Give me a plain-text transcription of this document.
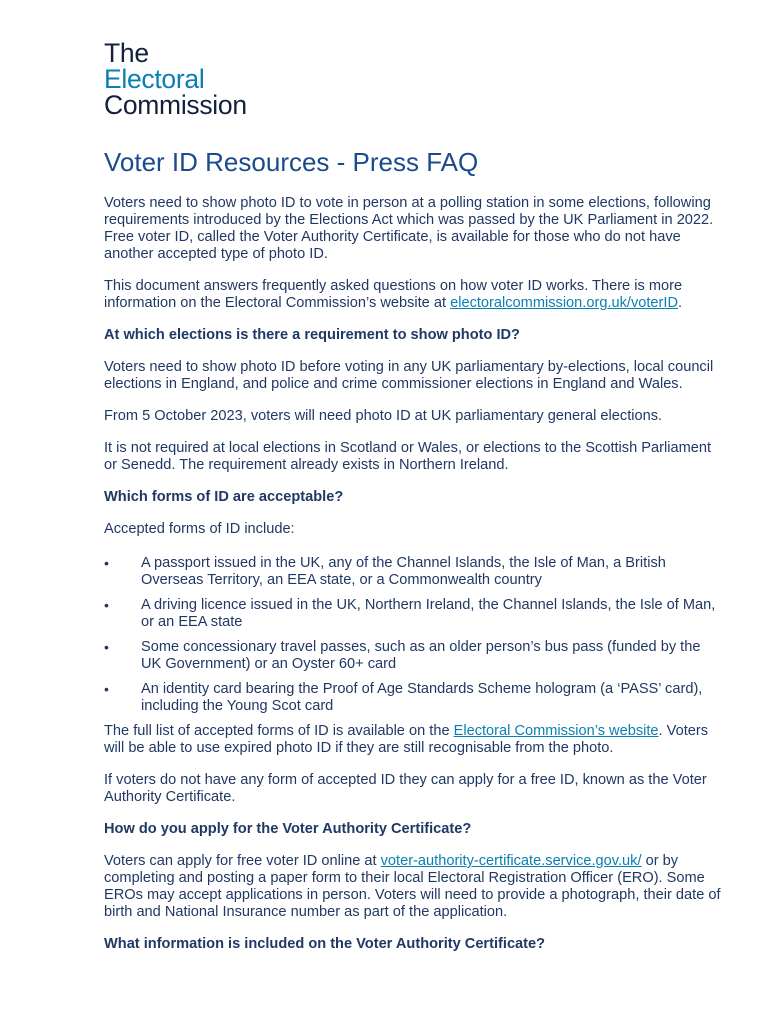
The
Electoral
Commission
Voter ID Resources - Press FAQ

Voters need to show photo ID to vote in person at a polling station in some elections, following requirements introduced by the Elections Act which was passed by the UK Parliament in 2022. Free voter ID, called the Voter Authority Certificate, is available for those who do not have another accepted type of photo ID.

This document answers frequently asked questions on how voter ID works. There is more information on the Electoral Commission’s website at electoralcommission.org.uk/voterID.

At which elections is there a requirement to show photo ID?

Voters need to show photo ID before voting in any UK parliamentary by-elections, local council elections in England, and police and crime commissioner elections in England and Wales.

From 5 October 2023, voters will need photo ID at UK parliamentary general elections.

It is not required at local elections in Scotland or Wales, or elections to the Scottish Parliament or Senedd. The requirement already exists in Northern Ireland.

Which forms of ID are acceptable?

Accepted forms of ID include:

• A passport issued in the UK, any of the Channel Islands, the Isle of Man, a British Overseas Territory, an EEA state, or a Commonwealth country
• A driving licence issued in the UK, Northern Ireland, the Channel Islands, the Isle of Man, or an EEA state
• Some concessionary travel passes, such as an older person’s bus pass (funded by the UK Government) or an Oyster 60+ card
• An identity card bearing the Proof of Age Standards Scheme hologram (a ‘PASS’ card), including the Young Scot card

The full list of accepted forms of ID is available on the Electoral Commission’s website. Voters will be able to use expired photo ID if they are still recognisable from the photo.

If voters do not have any form of accepted ID they can apply for a free ID, known as the Voter Authority Certificate.

How do you apply for the Voter Authority Certificate?

Voters can apply for free voter ID online at voter-authority-certificate.service.gov.uk/ or by completing and posting a paper form to their local Electoral Registration Officer (ERO). Some EROs may accept applications in person. Voters will need to provide a photograph, their date of birth and National Insurance number as part of the application.

What information is included on the Voter Authority Certificate?
